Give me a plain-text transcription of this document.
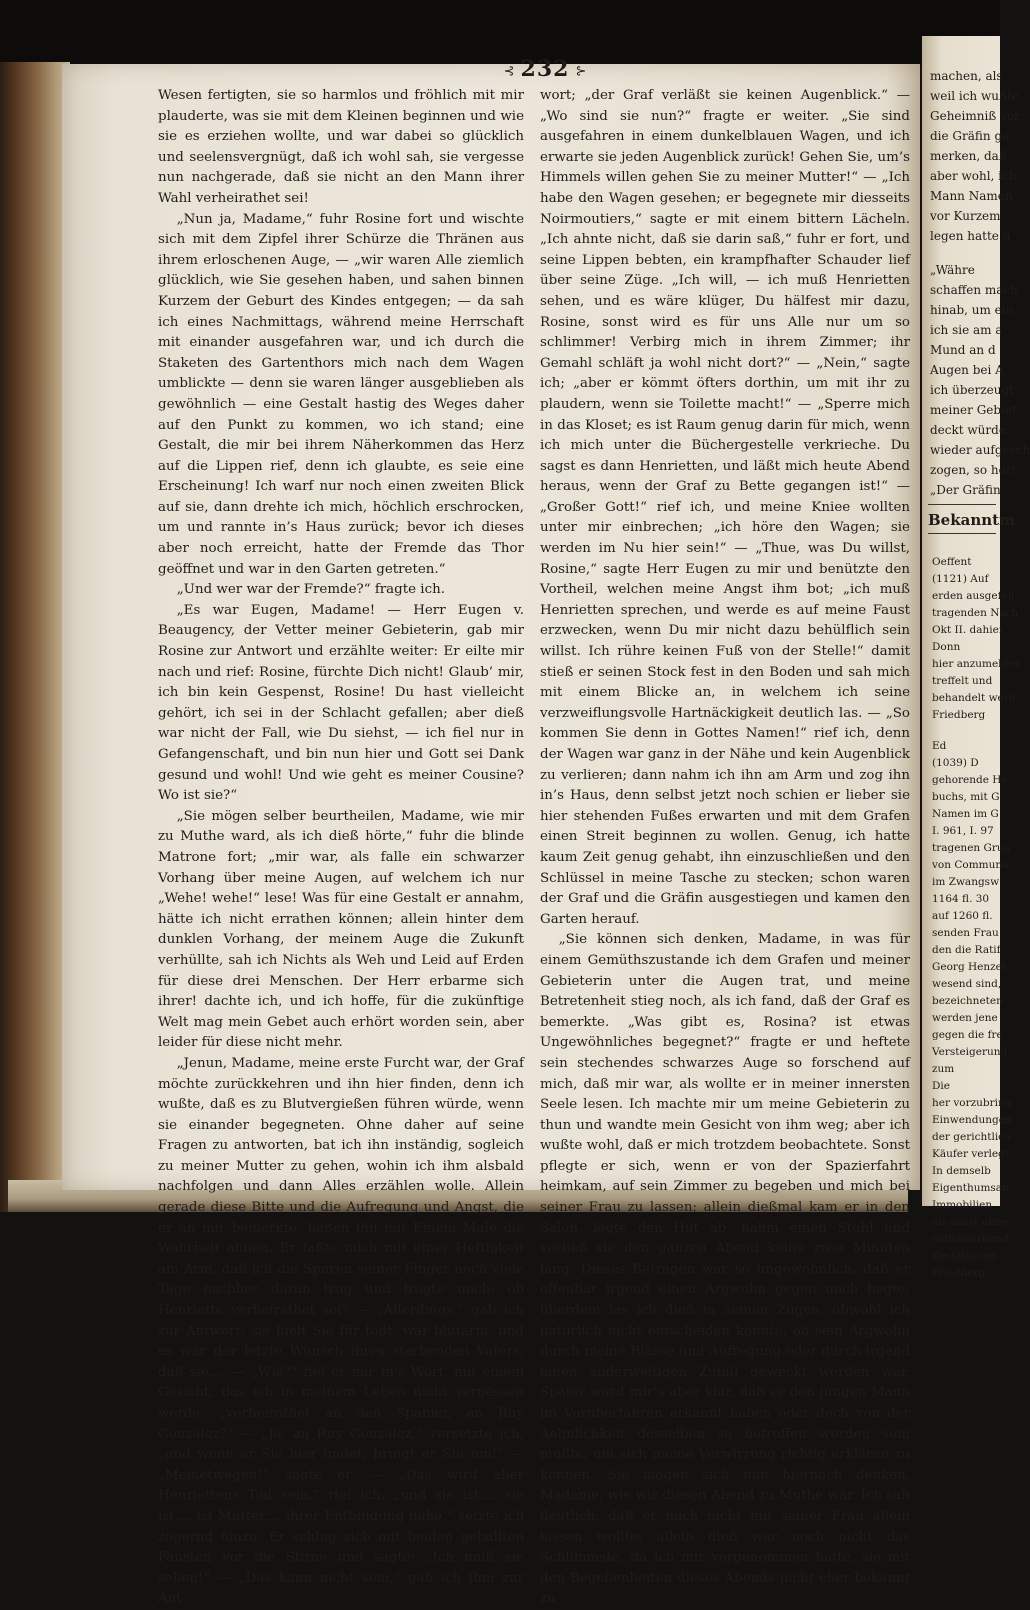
⊰ 232 ⊱

Wesen fertigten, sie so harmlos und fröhlich mit mir plauderte, was sie mit dem Kleinen beginnen und wie sie es erziehen wollte, und war dabei so glücklich und seelensvergnügt, daß ich wohl sah, sie vergesse nun nachgerade, daß sie nicht an den Mann ihrer Wahl verheirathet sei!

„Nun ja, Madame,“ fuhr Rosine fort und wischte sich mit dem Zipfel ihrer Schürze die Thränen aus ihrem erloschenen Auge, — „wir waren Alle ziemlich glücklich, wie Sie gesehen haben, und sahen binnen Kurzem der Geburt des Kindes entgegen; — da sah ich eines Nachmittags, während meine Herrschaft mit einander ausgefahren war, und ich durch die Staketen des Gartenthors mich nach dem Wagen umblickte — denn sie waren länger ausgeblieben als gewöhnlich — eine Gestalt hastig des Weges daher auf den Punkt zu kommen, wo ich stand; eine Gestalt, die mir bei ihrem Näherkommen das Herz auf die Lippen rief, denn ich glaubte, es seie eine Erscheinung! Ich warf nur noch einen zweiten Blick auf sie, dann drehte ich mich, höchlich erschrocken, um und rannte in’s Haus zurück; bevor ich dieses aber noch erreicht, hatte der Fremde das Thor geöffnet und war in den Garten getreten.“

„Und wer war der Fremde?“ fragte ich.

„Es war Eugen, Madame! — Herr Eugen v. Beaugency, der Vetter meiner Gebieterin, gab mir Rosine zur Antwort und erzählte weiter: Er eilte mir nach und rief: Rosine, fürchte Dich nicht! Glaub’ mir, ich bin kein Gespenst, Rosine! Du hast vielleicht gehört, ich sei in der Schlacht gefallen; aber dieß war nicht der Fall, wie Du siehst, — ich fiel nur in Gefangenschaft, und bin nun hier und Gott sei Dank gesund und wohl! Und wie geht es meiner Cousine? Wo ist sie?“

„Sie mögen selber beurtheilen, Madame, wie mir zu Muthe ward, als ich dieß hörte,“ fuhr die blinde Matrone fort; „mir war, als falle ein schwarzer Vorhang über meine Augen, auf welchem ich nur „Wehe! wehe!“ lese! Was für eine Gestalt er annahm, hätte ich nicht errathen können; allein hinter dem dunklen Vorhang, der meinem Auge die Zukunft verhüllte, sah ich Nichts als Weh und Leid auf Erden für diese drei Menschen. Der Herr erbarme sich ihrer! dachte ich, und ich hoffe, für die zukünftige Welt mag mein Gebet auch erhört worden sein, aber leider für diese nicht mehr.

„Jenun, Madame, meine erste Furcht war, der Graf möchte zurückkehren und ihn hier finden, denn ich wußte, daß es zu Blutvergießen führen würde, wenn sie einander begegneten. Ohne daher auf seine Fragen zu antworten, bat ich ihn inständig, sogleich zu meiner Mutter zu gehen, wohin ich ihm alsbald nachfolgen und dann Alles erzählen wolle. Allein gerade diese Bitte und die Aufregung und Angst, die er an mir bemerkte, ließen ihn mit Einem Male die Wahrheit ahnen. Er faßte mich mit einer Heftigkeit am Arm, daß ich die Spuren seiner Finger noch viele Tage nachher daran trug und fragte mich: ob Henriette verheirathet sei? — „Allerdings,“ gab ich zur Antwort; sie hielt Sie für todt, war blutarm, und es war der letzte Wunsch ihres sterbenden Vaters, daß sie.... — „Wie?“ fiel er mir in’s Wort, mit einem Gesicht, das ich in meinem Leben nicht vergessen werde; „verheirathet an den Spanier, an Ruy Gonzalez?“ — „Ja, an Ruy Gonzalez,“ versetzte ich, „und wenn er Sie hier findet, bringt er Sie um!“ — „Meinetwegen!“ sagte er. — „Das wird aber Henriettens Tod sein,“ rief ich, „und sie ist.... sie ist.... ist Mutter.... ihrer Entbindung nahe,“ setzte ich zögernd hinzu. Er schlug sich mit beiden geballten Fäusten vor die Stirne und sagte: „Ich muß sie sehen!“ — „Das kann nicht sein,“ gab ich ihm zur Ant-

wort; „der Graf verläßt sie keinen Augenblick.“ — „Wo sind sie nun?“ fragte er weiter. „Sie sind ausgefahren in einem dunkelblauen Wagen, und ich erwarte sie jeden Augenblick zurück! Gehen Sie, um’s Himmels willen gehen Sie zu meiner Mutter!“ — „Ich habe den Wagen gesehen; er begegnete mir diesseits Noirmoutiers,“ sagte er mit einem bittern Lächeln. „Ich ahnte nicht, daß sie darin saß,“ fuhr er fort, und seine Lippen bebten, ein krampfhafter Schauder lief über seine Züge. „Ich will, — ich muß Henrietten sehen, und es wäre klüger, Du hälfest mir dazu, Rosine, sonst wird es für uns Alle nur um so schlimmer! Verbirg mich in ihrem Zimmer; ihr Gemahl schläft ja wohl nicht dort?“ — „Nein,“ sagte ich; „aber er kömmt öfters dorthin, um mit ihr zu plaudern, wenn sie Toilette macht!“ — „Sperre mich in das Kloset; es ist Raum genug darin für mich, wenn ich mich unter die Büchergestelle verkrieche. Du sagst es dann Henrietten, und läßt mich heute Abend heraus, wenn der Graf zu Bette gegangen ist!“ — „Großer Gott!“ rief ich, und meine Kniee wollten unter mir einbrechen; „ich höre den Wagen; sie werden im Nu hier sein!“ — „Thue, was Du willst, Rosine,“ sagte Herr Eugen zu mir und benützte den Vortheil, welchen meine Angst ihm bot; „ich muß Henrietten sprechen, und werde es auf meine Faust erzwecken, wenn Du mir nicht dazu behülflich sein willst. Ich rühre keinen Fuß von der Stelle!“ damit stieß er seinen Stock fest in den Boden und sah mich mit einem Blicke an, in welchem ich seine verzweiflungsvolle Hartnäckigkeit deutlich las. — „So kommen Sie denn in Gottes Namen!“ rief ich, denn der Wagen war ganz in der Nähe und kein Augenblick zu verlieren; dann nahm ich ihn am Arm und zog ihn in’s Haus, denn selbst jetzt noch schien er lieber sie hier stehenden Fußes erwarten und mit dem Grafen einen Streit beginnen zu wollen. Genug, ich hatte kaum Zeit genug gehabt, ihn einzuschließen und den Schlüssel in meine Tasche zu stecken; schon waren der Graf und die Gräfin ausgestiegen und kamen den Garten herauf.

„Sie können sich denken, Madame, in was für einem Gemüthszustande ich dem Grafen und meiner Gebieterin unter die Augen trat, und meine Betretenheit stieg noch, als ich fand, daß der Graf es bemerkte. „Was gibt es, Rosina? ist etwas Ungewöhnliches begegnet?“ fragte er und heftete sein stechendes schwarzes Auge so forschend auf mich, daß mir war, als wollte er in meiner innersten Seele lesen. Ich machte mir um meine Gebieterin zu thun und wandte mein Gesicht von ihm weg; aber ich wußte wohl, daß er mich trotzdem beobachtete. Sonst pflegte er sich, wenn er von der Spazierfahrt heimkam, auf sein Zimmer zu begeben und mich bei seiner Frau zu lassen; allein dießmal kam er in den Salon, legte den Hut ab, nahm einen Stuhl und verließ sie den ganzen Abend keine zwei Minuten lang. Dieses Betragen war so ungewöhnlich, daß er offenbar irgend einen Argwohn gegen mich hegte; überdem las ich dieß in seinen Zügen, obwohl ich natürlich nicht entscheiden konnte, ob sein Argwohn durch meine Blässe und Aufregung oder durch irgend einen anderweitigen Zufall geweckt worden war. Später ward mir’s aber klar, daß er den jungen Mann im Vorüberfahren erkannt haben oder doch von der Aehnlichkeit desselben so betroffen worden sein mußte, um sich meine Verwirrung richtig erklären zu können. Sie mögen sich nun hiernach denken, Madame, wie wir diesen Abend zu Muthe war. Ich sah deutlich, daß er mich nicht mit seiner Frau allein lassen wollte; allein dieß war noch nicht das Schlimmste, da ich mir vorgenommen hatte, sie mit den Begebenheiten dieses Abends nicht eher bekannt zu

machen, als
weil ich wußte,
Geheimniß vor
die Gräfin ga
merken, daß
aber wohl, ich
Mann Namen
vor Kurzem
legen hatte u
„Währe
schaffen mach
hinab, um ein
ich sie am a
Mund an d
Augen bei A
ich überzeugt
meiner Gebiet
deckt würde.
wieder aufgesch
zogen, so hört
„Der Gräfin
Bekanntm
Oeffent
(1121) Auf
erden ausgefall
tragenden Nach
Okt II. dahier
Donn
hier anzumelden
treffelt und
behandelt werd
Friedberg
Ed
(1039) D
gehorende Ho
buchs, mit G
Namen im G
I. 961, I. 97
tragenen Grun
von Communa
im Zwangsw
1164 fl. 30
auf 1260 fl.
senden Frau
den die Ratif
Georg Henzel
wesend sind,
bezeichneten
werden jene
gegen die fre
Versteigerung
zum
Die
her vorzubring
Einwendungen
der gerichtlich
Käufer verlegt
In demselb
Eigenthumsan
Immobilien
als sonst ohne
cationsurkund
Bestätigung
Friedberg
